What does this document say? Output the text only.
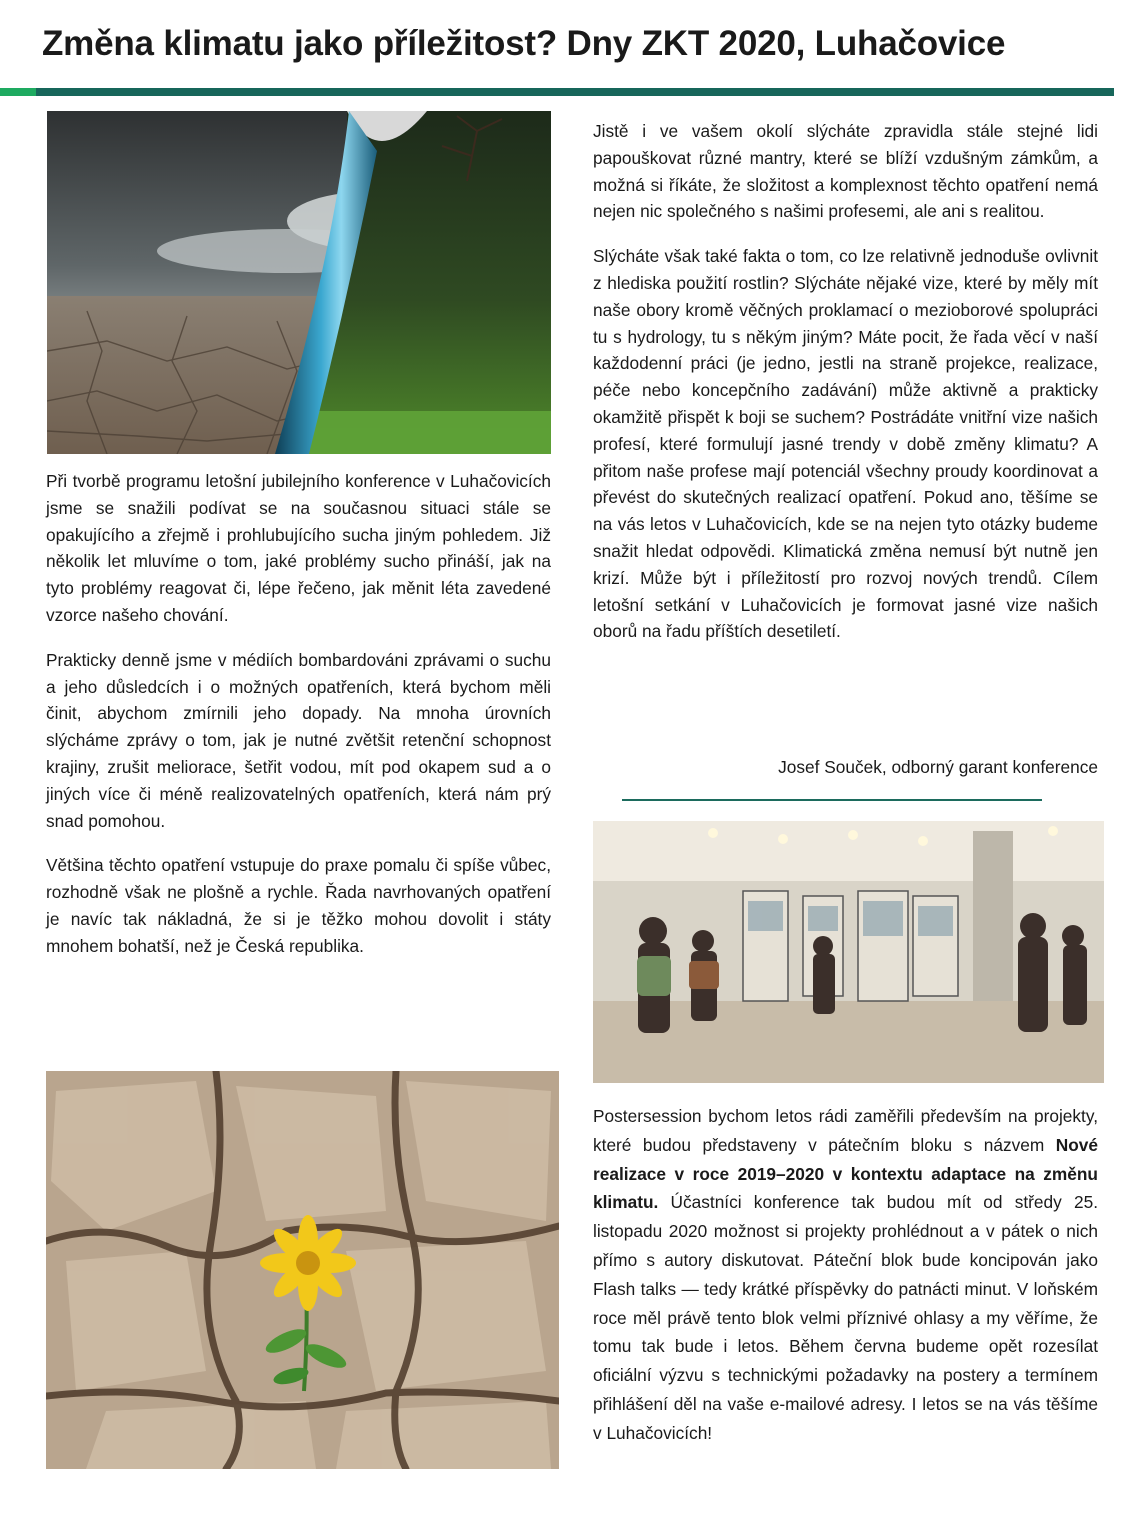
Změna klimatu jako příležitost? Dny ZKT 2020, Luhačovice

Při tvorbě programu letošní jubilejního konference v Luhačovicích jsme se snažili podívat se na současnou situaci stále se opakujícího a zřejmě i prohlubujícího sucha jiným pohledem. Již několik let mluvíme o tom, jaké problémy sucho přináší, jak na tyto problémy reagovat či, lépe řečeno, jak měnit léta zavedené vzorce našeho chování.

Prakticky denně jsme v médiích bombardováni zprávami o suchu a jeho důsledcích i o možných opatřeních, která bychom měli činit, abychom zmírnili jeho dopady. Na mnoha úrovních slýcháme zprávy o tom, jak je nutné zvětšit retenční schopnost krajiny, zrušit meliorace, šetřit vodou, mít pod okapem sud a o jiných více či méně realizovatelných opatřeních, která nám prý snad pomohou.

Většina těchto opatření vstupuje do praxe pomalu či spíše vůbec, rozhodně však ne plošně a rychle. Řada navrhovaných opatření je navíc tak nákladná, že si je těžko mohou dovolit i státy mnohem bohatší, než je Česká republika.

Jistě i ve vašem okolí slýcháte zpravidla stále stejné lidi papouškovat různé mantry, které se blíží vzdušným zámkům, a možná si říkáte, že složitost a komplexnost těchto opatření nemá nejen nic společného s našimi profesemi, ale ani s realitou.

Slýcháte však také fakta o tom, co lze relativně jednoduše ovlivnit z hlediska použití rostlin? Slýcháte nějaké vize, které by měly mít naše obory kromě věčných proklamací o mezioborové spolupráci tu s hydrology, tu s někým jiným? Máte pocit, že řada věcí v naší každodenní práci (je jedno, jestli na straně projekce, realizace, péče nebo koncepčního zadávání) může aktivně a prakticky okamžitě přispět k boji se suchem? Postrádáte vnitřní vize našich profesí, které formulují jasné trendy v době změny klimatu? A přitom naše profese mají potenciál všechny proudy koordinovat a převést do skutečných realizací opatření. Pokud ano, těšíme se na vás letos v Luhačovicích, kde se na nejen tyto otázky budeme snažit hledat odpovědi. Klimatická změna nemusí být nutně jen krizí. Může být i příležitostí pro rozvoj nových trendů. Cílem letošní setkání v Luhačovicích je formovat jasné vize našich oborů na řadu příštích desetiletí.

Josef Souček, odborný garant konference

Postersession bychom letos rádi zaměřili především na projekty, které budou představeny v pátečním bloku s názvem Nové realizace v roce 2019–2020 v kontextu adaptace na změnu klimatu. Účastníci konference tak budou mít od středy 25. listopadu 2020 možnost si projekty prohlédnout a v pátek o nich přímo s autory diskutovat. Páteční blok bude koncipován jako Flash talks — tedy krátké příspěvky do patnácti minut. V loňském roce měl právě tento blok velmi příznivé ohlasy a my věříme, že tomu tak bude i letos. Během června budeme opět rozesílat oficiální výzvu s technickými požadavky na postery a termínem přihlášení děl na vaše e-mailové adresy. I letos se na vás těšíme v Luhačovicích!
